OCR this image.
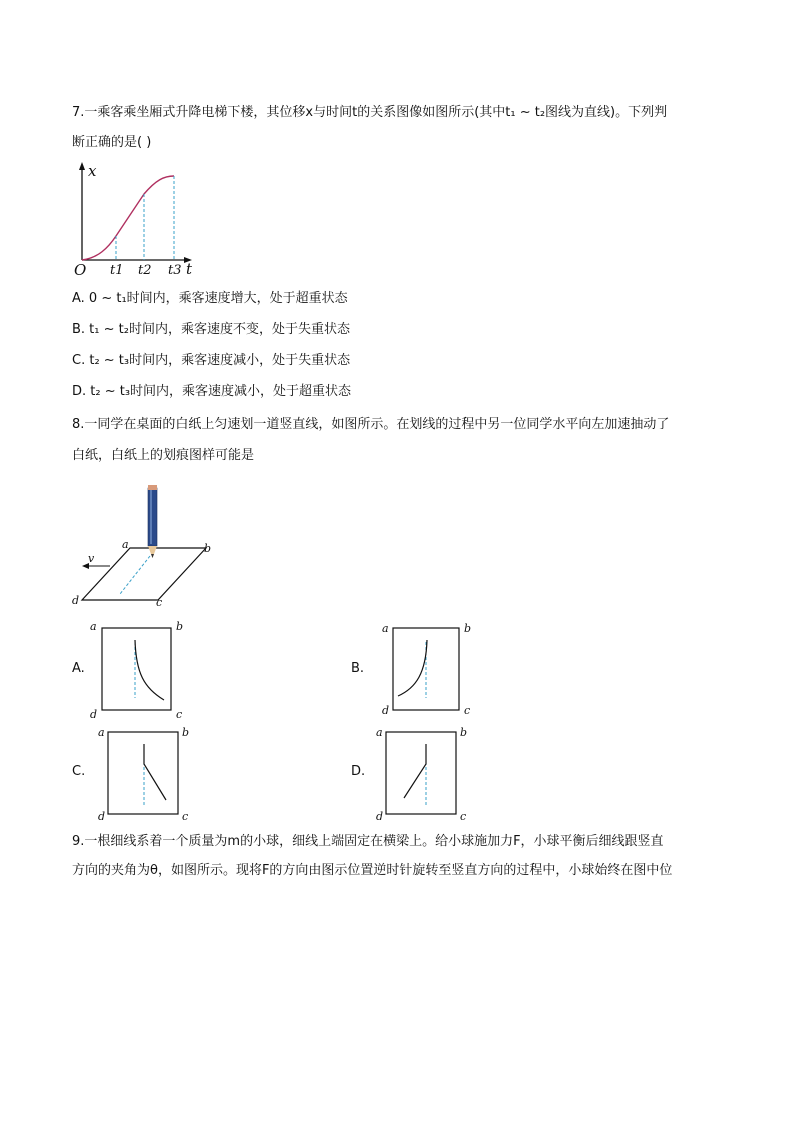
7.一乘客乘坐厢式升降电梯下楼，其位移x与时间t的关系图像如图所示(其中t₁ ~ t₂图线为直线)。下列判
断正确的是( )
x
O t1 t2 t3 t
A. 0 ~ t₁时间内，乘客速度增大，处于超重状态
B. t₁ ~ t₂时间内，乘客速度不变，处于失重状态
C. t₂ ~ t₃时间内，乘客速度减小，处于失重状态
D. t₂ ~ t₃时间内，乘客速度减小，处于超重状态
8.一同学在桌面的白纸上匀速划一道竖直线，如图所示。在划线的过程中另一位同学水平向左加速抽动了
白纸，白纸上的划痕图样可能是
v
a	b
c
d
A.
a	b
c
d
B.
a	b
c
d
C.
a	b
c
d
D.
a	b
c
d
9.一根细线系着一个质量为m的小球，细线上端固定在横梁上。给小球施加力F，小球平衡后细线跟竖直
方向的夹角为θ，如图所示。现将F的方向由图示位置逆时针旋转至竖直方向的过程中，小球始终在图中位
